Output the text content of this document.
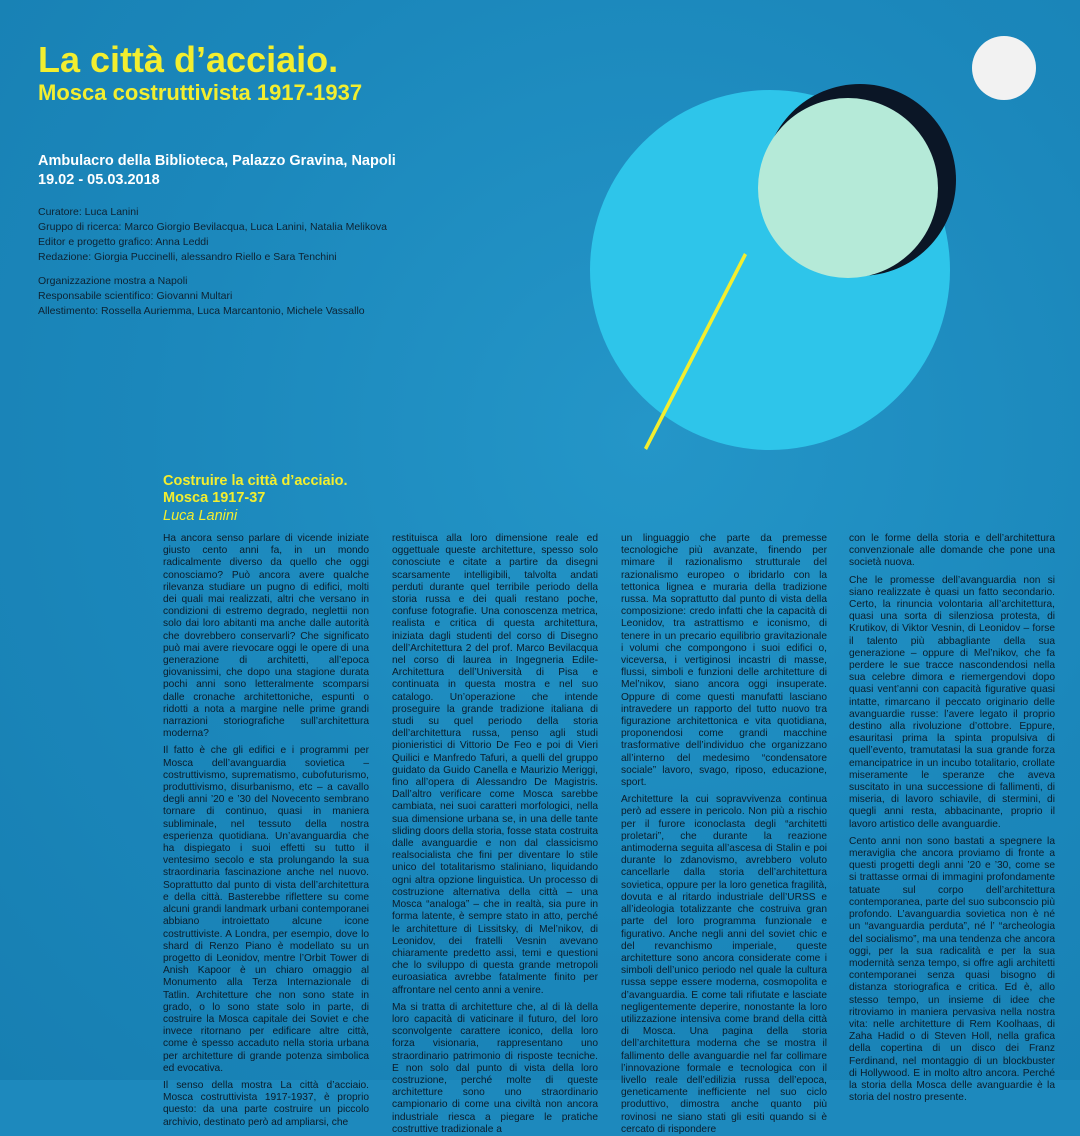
La città d’acciaio.
Mosca costruttivista 1917-1937
Ambulacro della Biblioteca, Palazzo Gravina, Napoli
19.02 - 05.03.2018
Curatore: Luca Lanini
Gruppo di ricerca: Marco Giorgio Bevilacqua, Luca Lanini, Natalia Melikova
Editor e progetto grafico: Anna Leddi
Redazione: Giorgia Puccinelli, alessandro Riello e Sara Tenchini
Organizzazione mostra a Napoli
Responsabile scientifico: Giovanni Multari
Allestimento: Rossella Auriemma, Luca Marcantonio, Michele Vassallo
Costruire la città d’acciaio.
Mosca 1917-37
Luca Lanini

Ha ancora senso parlare di vicende iniziate giusto cento anni fa, in un mondo radicalmente diverso da quello che oggi conosciamo? Può ancora avere qualche rilevanza studiare un pugno di edifici, molti dei quali mai realizzati, altri che versano in condizioni di estremo degrado, neglettii non solo dai loro abitanti ma anche dalle autorità che dovrebbero conservarli? Che significato può mai avere rievocare oggi le opere di una generazione di architetti, all’epoca giovanissimi, che dopo una stagione durata pochi anni sono letteralmente scomparsi dalle cronache architettoniche, espunti o ridotti a nota a margine nelle prime grandi narrazioni storiografiche sull’architettura moderna?

Il fatto è che gli edifici e i programmi per Mosca dell’avanguardia sovietica – costruttivismo, suprematismo, cubofuturismo, produttivismo, disurbanismo, etc – a cavallo degli anni ’20 e ’30 del Novecento sembrano tornare di continuo, quasi in maniera subliminale, nel tessuto della nostra esperienza quotidiana. Un’avanguardia che ha dispiegato i suoi effetti su tutto il ventesimo secolo e sta prolungando la sua straordinaria fascinazione anche nel nuovo. Soprattutto dal punto di vista dell’architettura e della città. Basterebbe riflettere su come alcuni grandi landmark urbani contemporanei abbiano introiettato alcune icone costruttiviste. A Londra, per esempio, dove lo shard di Renzo Piano è modellato su un progetto di Leonidov, mentre l’Orbit Tower di Anish Kapoor è un chiaro omaggio al Monumento alla Terza Internazionale di Tatlin. Architetture che non sono state in grado, o lo sono state solo in parte, di costruire la Mosca capitale dei Soviet e che invece ritornano per edificare altre città, come è spesso accaduto nella storia urbana per architetture di grande potenza simbolica ed evocativa.

Il senso della mostra La città d’acciaio. Mosca costruttivista 1917-1937, è proprio questo: da una parte costruire un piccolo archivio, destinato però ad ampliarsi, che

restituisca alla loro dimensione reale ed oggettuale queste architetture, spesso solo conosciute e citate a partire da disegni scarsamente intelligibili, talvolta andati perduti durante quel terribile periodo della storia russa e dei quali restano poche, confuse fotografie. Una conoscenza metrica, realista e critica di questa architettura, iniziata dagli studenti del corso di Disegno dell’Architettura 2 del prof. Marco Bevilacqua nel corso di laurea in Ingegneria Edile-Architettura dell’Università di Pisa e continuata in questa mostra e nel suo catalogo. Un’operazione che intende proseguire la grande tradizione italiana di studi su quel periodo della storia dell’architettura russa, penso agli studi pionieristici di Vittorio De Feo e poi di Vieri Quilici e Manfredo Tafuri, a quelli del gruppo guidato da Guido Canella e Maurizio Meriggi, fino all’opera di Alessandro De Magistris. Dall’altro verificare come Mosca sarebbe cambiata, nei suoi caratteri morfologici, nella sua dimensione urbana se, in una delle tante sliding doors della storia, fosse stata costruita dalle avanguardie e non dal classicismo realsocialista che fini per diventare lo stile unico del totalitarismo staliniano, liquidando ogni altra opzione linguistica. Un processo di costruzione alternativa della città – una Mosca “analoga” – che in realtà, sia pure in forma latente, è sempre stato in atto, perché le architetture di Lissitsky, di Mel’nikov, di Leonidov, dei fratelli Vesnin avevano chiaramente predetto assi, temi e questioni che lo sviluppo di questa grande metropoli euroasiatica avrebbe fatalmente finito per affrontare nel cento anni a venire.

Ma si tratta di architetture che, al di là della loro capacità di vaticinare il futuro, del loro sconvolgente carattere iconico, della loro forza visionaria, rappresentano uno straordinario patrimonio di risposte tecniche. E non solo dal punto di vista della loro costruzione, perché molte di queste architetture sono uno straordinario campionario di come una civiltà non ancora industriale riesca a piegare le pratiche costruttive tradizionale a

un linguaggio che parte da premesse tecnologiche più avanzate, finendo per mimare il razionalismo strutturale del razionalismo europeo o ibridarlo con la tettonica lignea e muraria della tradizione russa. Ma soprattutto dal punto di vista della composizione: credo infatti che la capacità di Leonidov, tra astrattismo e iconismo, di tenere in un precario equilibrio gravitazionale i volumi che compongono i suoi edifici o, viceversa, i vertiginosi incastri di masse, flussi, simboli e funzioni delle architetture di Mel’nikov, siano ancora oggi insuperate. Oppure di come questi manufatti lasciano intravedere un rapporto del tutto nuovo tra figurazione architettonica e vita quotidiana, proponendosi come grandi macchine trasformative dell’individuo che organizzano all’interno del medesimo “condensatore sociale” lavoro, svago, riposo, educazione, sport.

Architetture la cui sopravvivenza continua però ad essere in pericolo. Non più a rischio per il furore iconoclasta degli “architetti proletari”, che durante la reazione antimoderna seguita all’ascesa di Stalin e poi durante lo zdanovismo, avrebbero voluto cancellarle dalla storia dell’architettura sovietica, oppure per la loro genetica fragilità, dovuta e al ritardo industriale dell’URSS e all’ideologia totalizzante che costruiva gran parte del loro programma funzionale e figurativo. Anche negli anni del soviet chic e del revanchismo imperiale, queste architetture sono ancora considerate come i simboli dell’unico periodo nel quale la cultura russa seppe essere moderna, cosmopolita e d’avanguardia. E come tali rifiutate e lasciate negligentemente deperire, nonostante la loro utilizzazione intensiva come brand della città di Mosca. Una pagina della storia dell’architettura moderna che se mostra il fallimento delle avanguardie nel far collimare l’innovazione formale e tecnologica con il livello reale dell’edilizia russa dell’epoca, geneticamente inefficiente nel suo ciclo produttivo, dimostra anche quanto più rovinosi ne siano stati gli esiti quando si è cercato di rispondere

con le forme della storia e dell’architettura convenzionale alle domande che pone una società nuova.

Che le promesse dell’avanguardia non si siano realizzate è quasi un fatto secondario. Certo, la rinuncia volontaria all’architettura, quasi una sorta di silenziosa protesta, di Krutikov, di Viktor Vesnin, di Leonidov – forse il talento più abbagliante della sua generazione – oppure di Mel’nikov, che fa perdere le sue tracce nascondendosi nella sua celebre dimora e riemergendovi dopo quasi vent’anni con capacità figurative quasi intatte, rimarcano il peccato originario delle avanguardie russe: l’avere legato il proprio destino alla rivoluzione d’ottobre. Eppure, esauritasi prima la spinta propulsiva di quell’evento, tramutatasi la sua grande forza emancipatrice in un incubo totalitario, crollate miseramente le speranze che aveva suscitato in una successione di fallimenti, di miseria, di lavoro schiavile, di stermini, di quegli anni resta, abbacinante, proprio il lavoro artistico delle avanguardie.

Cento anni non sono bastati a spegnere la meraviglia che ancora proviamo di fronte a questi progetti degli anni ’20 e ’30, come se si trattasse ormai di immagini profondamente tatuate sul corpo dell’architettura contemporanea, parte del suo subconscio più profondo. L’avanguardia sovietica non è né un “avanguardia perduta”, né l’ “archeologia del socialismo”, ma una tendenza che ancora oggi, per la sua radicalità e per la sua modernità senza tempo, si offre agli architetti contemporanei senza quasi bisogno di distanza storiografica e critica. Ed è, allo stesso tempo, un insieme di idee che ritroviamo in maniera pervasiva nella nostra vita: nelle architetture di Rem Koolhaas, di Zaha Hadid o di Steven Holl, nella grafica della copertina di un disco dei Franz Ferdinand, nel montaggio di un blockbuster di Hollywood. E in molto altro ancora. Perché la storia della Mosca delle avanguardie è la storia del nostro presente.
